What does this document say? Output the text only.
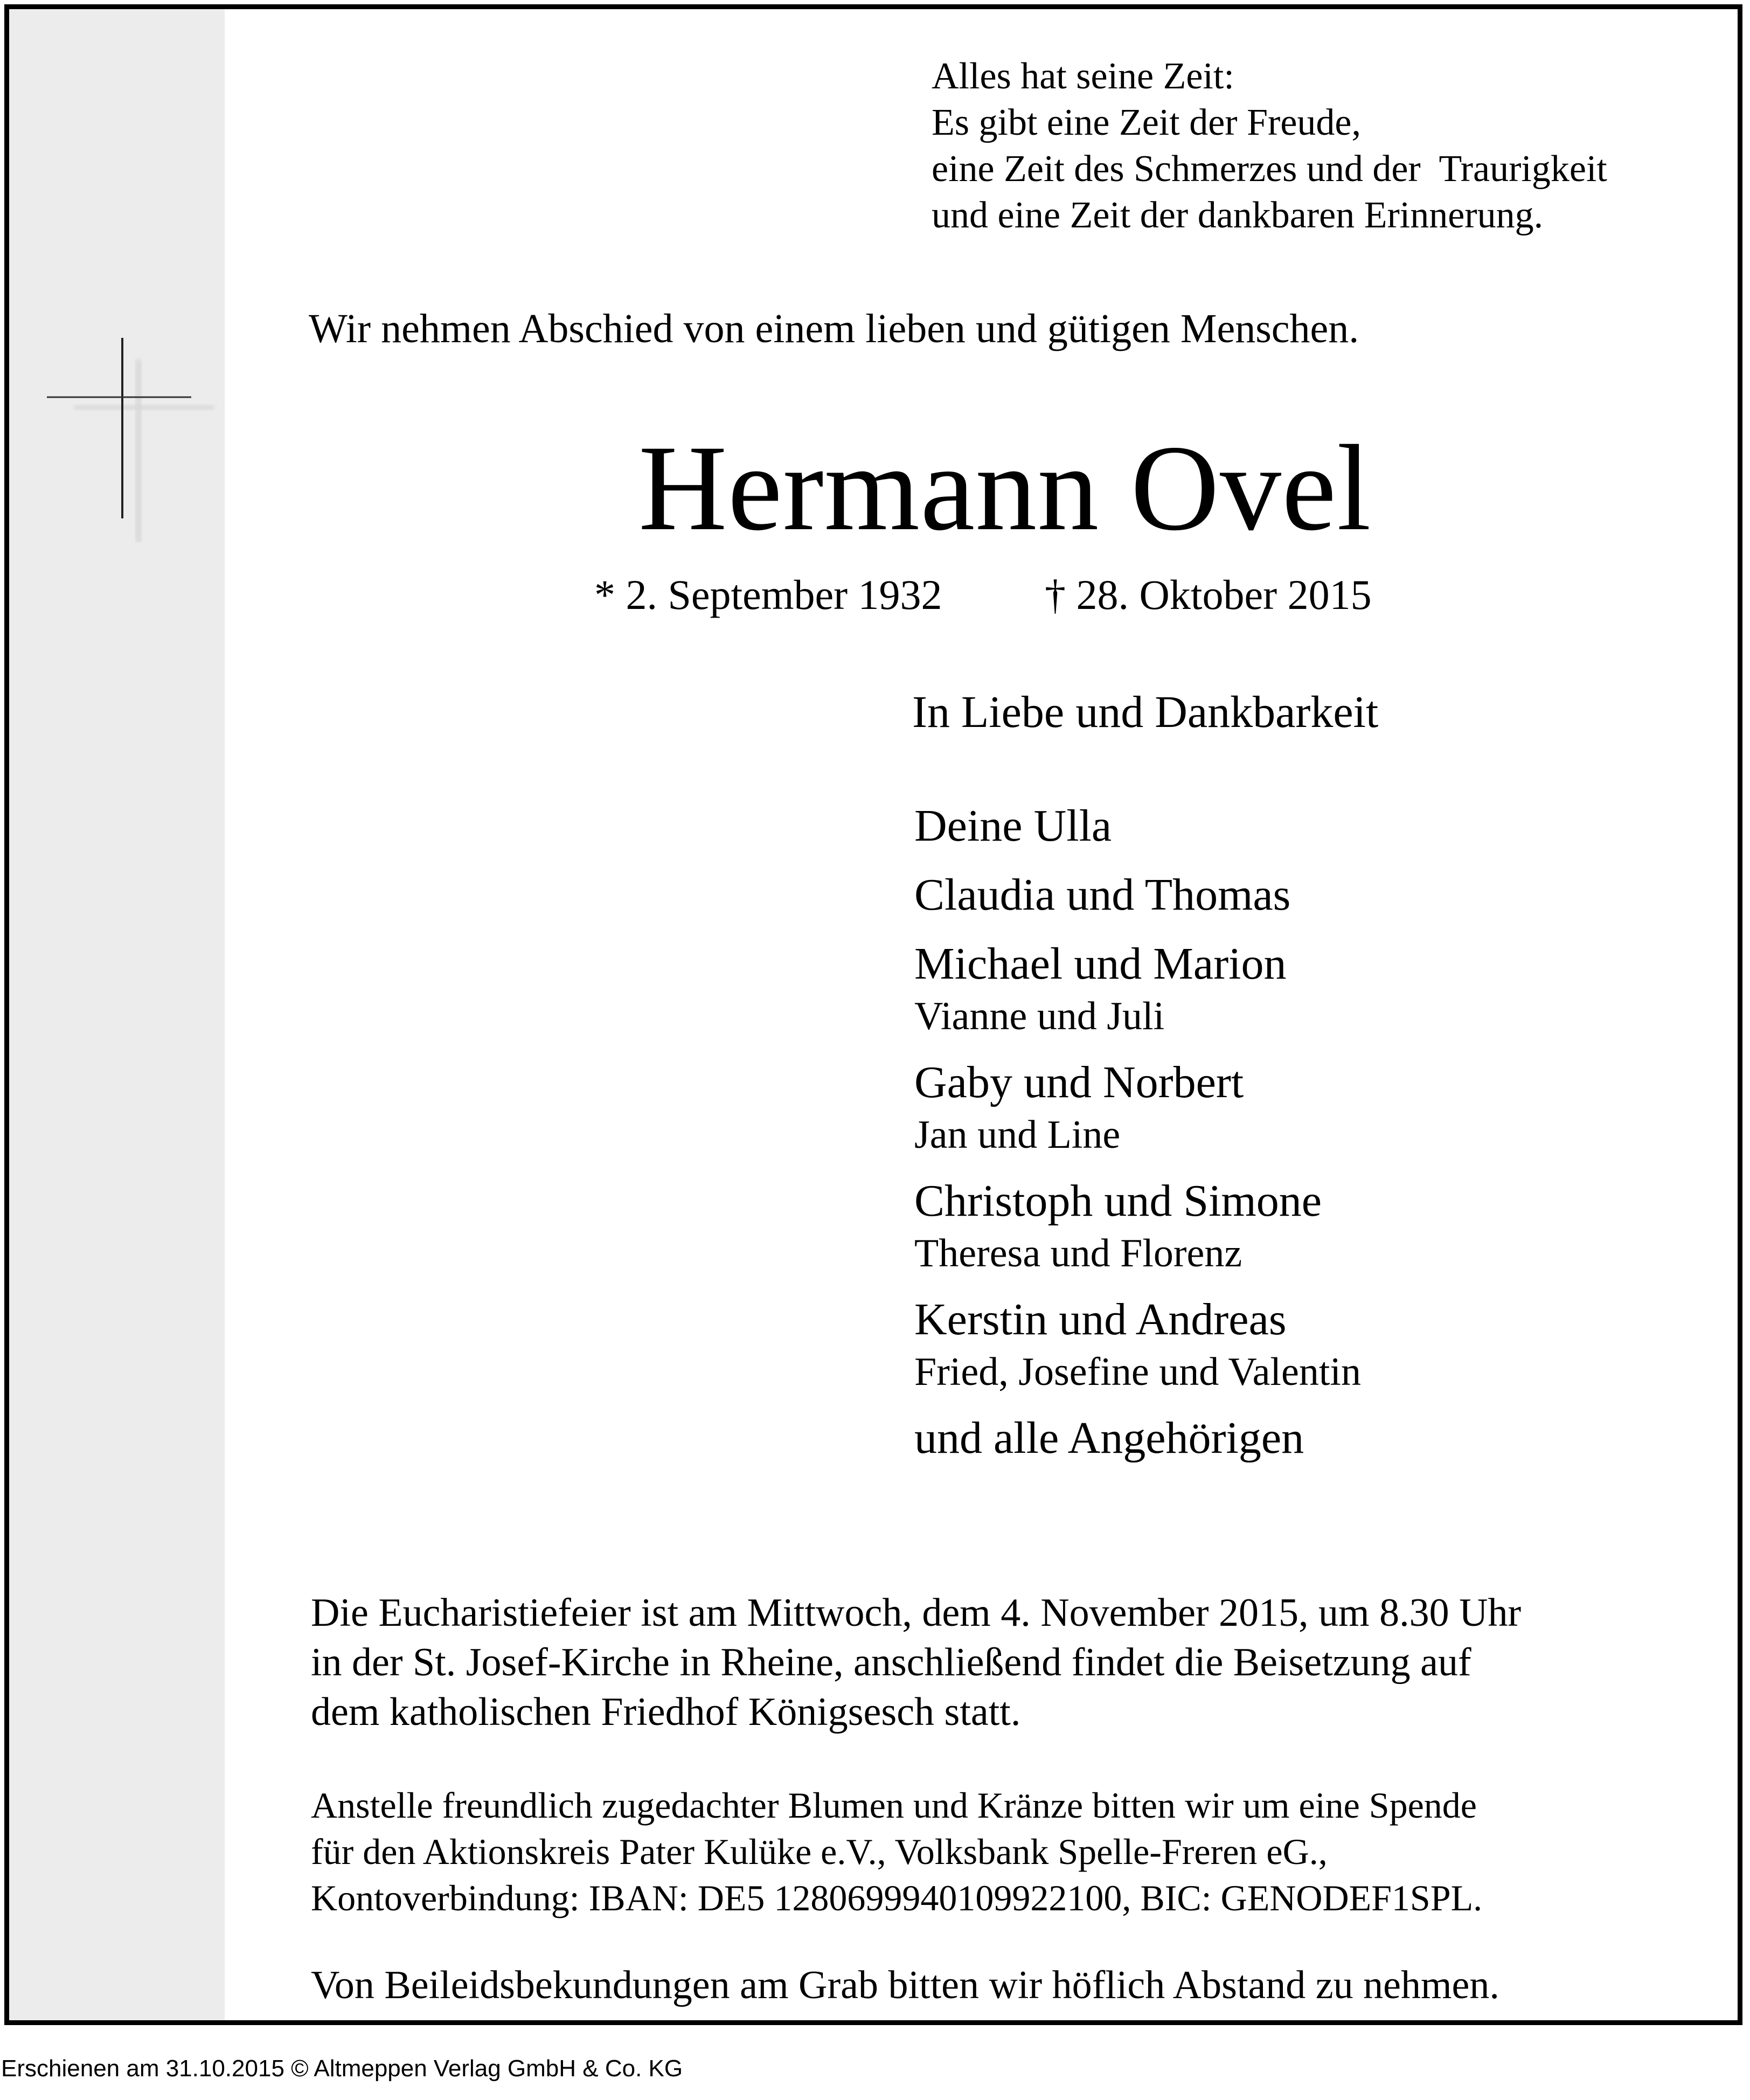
Alles hat seine Zeit:
Es gibt eine Zeit der Freude,
eine Zeit des Schmerzes und der  Traurigkeit
und eine Zeit der dankbaren Erinnerung.
Wir nehmen Abschied von einem lieben und gütigen Menschen.
Hermann Ovel
* 2. September 1932 † 28. Oktober 2015
In Liebe und Dankbarkeit
Deine Ulla
Claudia und Thomas
Michael und Marion
Vianne und Juli
Gaby und Norbert
Jan und Line
Christoph und Simone
Theresa und Florenz
Kerstin und Andreas
Fried, Josefine und Valentin
und alle Angehörigen
Die Eucharistiefeier ist am Mittwoch, dem 4. November 2015, um 8.30 Uhr
in der St. Josef-Kirche in Rheine, anschließend findet die Beisetzung auf
dem katholischen Friedhof Königsesch statt.
Anstelle freundlich zugedachter Blumen und Kränze bitten wir um eine Spende
für den Aktionskreis Pater Kulüke e.V., Volksbank Spelle-Freren eG.,
Kontoverbindung: IBAN: DE5 1280699940109922100, BIC: GENODEF1SPL.
Von Beileidsbekundungen am Grab bitten wir höflich Abstand zu nehmen.
Erschienen am 31.10.2015 © Altmeppen Verlag GmbH & Co. KG
